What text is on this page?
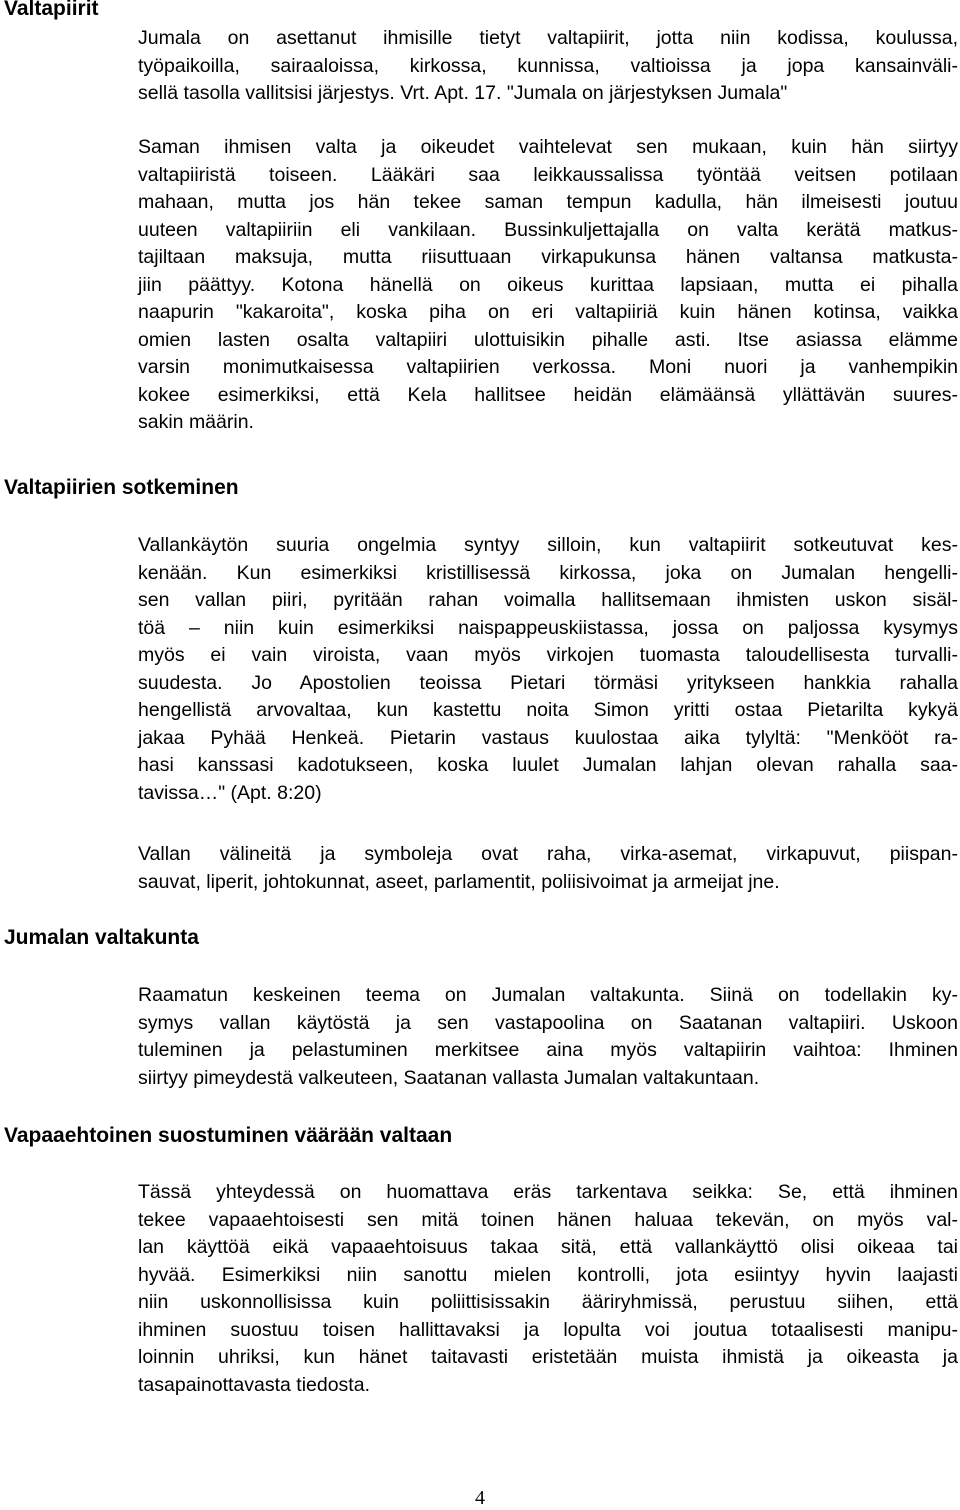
Valtapiirit
Jumala on asettanut ihmisille tietyt valtapiirit, jotta niin kodissa, koulussa,
työpaikoilla, sairaaloissa, kirkossa, kunnissa, valtioissa ja jopa kansainväli-
sellä tasolla vallitsisi järjestys. Vrt. Apt. 17. "Jumala on järjestyksen Jumala"
Saman ihmisen valta ja oikeudet vaihtelevat sen mukaan, kuin hän siirtyy
valtapiiristä toiseen. Lääkäri saa leikkaussalissa työntää veitsen potilaan
mahaan, mutta jos hän tekee saman tempun kadulla, hän ilmeisesti joutuu
uuteen valtapiiriin eli vankilaan. Bussinkuljettajalla on valta kerätä matkus-
tajiltaan maksuja, mutta riisuttuaan virkapukunsa hänen valtansa matkusta-
jiin päättyy. Kotona hänellä on oikeus kurittaa lapsiaan, mutta ei pihalla
naapurin "kakaroita", koska piha on eri valtapiiriä kuin hänen kotinsa, vaikka
omien lasten osalta valtapiiri ulottuisikin pihalle asti. Itse asiassa elämme
varsin monimutkaisessa valtapiirien verkossa. Moni nuori ja vanhempikin
kokee esimerkiksi, että Kela hallitsee heidän elämäänsä yllättävän suures-
sakin määrin.
Valtapiirien sotkeminen
Vallankäytön suuria ongelmia syntyy silloin, kun valtapiirit sotkeutuvat kes-
kenään. Kun esimerkiksi kristillisessä kirkossa, joka on Jumalan hengelli-
sen vallan piiri, pyritään rahan voimalla hallitsemaan ihmisten uskon sisäl-
töä – niin kuin esimerkiksi naispappeuskiistassa, jossa on paljossa kysymys
myös ei vain viroista, vaan myös virkojen tuomasta taloudellisesta turvalli-
suudesta. Jo Apostolien teoissa Pietari törmäsi yritykseen hankkia rahalla
hengellistä arvovaltaa, kun kastettu noita Simon yritti ostaa Pietarilta kykyä
jakaa Pyhää Henkeä. Pietarin vastaus kuulostaa aika tylyltä: "Menkööt ra-
hasi kanssasi kadotukseen, koska luulet Jumalan lahjan olevan rahalla saa-
tavissa…" (Apt. 8:20)
Vallan välineitä ja symboleja ovat raha, virka-asemat, virkapuvut, piispan-
sauvat, liperit, johtokunnat, aseet, parlamentit, poliisivoimat ja armeijat jne.
Jumalan valtakunta
Raamatun keskeinen teema on Jumalan valtakunta. Siinä on todellakin ky-
symys vallan käytöstä ja sen vastapoolina on Saatanan valtapiiri. Uskoon
tuleminen ja pelastuminen merkitsee aina myös valtapiirin vaihtoa: Ihminen
siirtyy pimeydestä valkeuteen, Saatanan vallasta Jumalan valtakuntaan.
Vapaaehtoinen suostuminen väärään valtaan
Tässä yhteydessä on huomattava eräs tarkentava seikka: Se, että ihminen
tekee vapaaehtoisesti sen mitä toinen hänen haluaa tekevän, on myös val-
lan käyttöä eikä vapaaehtoisuus takaa sitä, että vallankäyttö olisi oikeaa tai
hyvää. Esimerkiksi niin sanottu mielen kontrolli, jota esiintyy hyvin laajasti
niin uskonnollisissa kuin poliittisissakin ääriryhmissä, perustuu siihen, että
ihminen suostuu toisen hallittavaksi ja lopulta voi joutua totaalisesti manipu-
loinnin uhriksi, kun hänet taitavasti eristetään muista ihmistä ja oikeasta ja
tasapainottavasta tiedosta.
4
